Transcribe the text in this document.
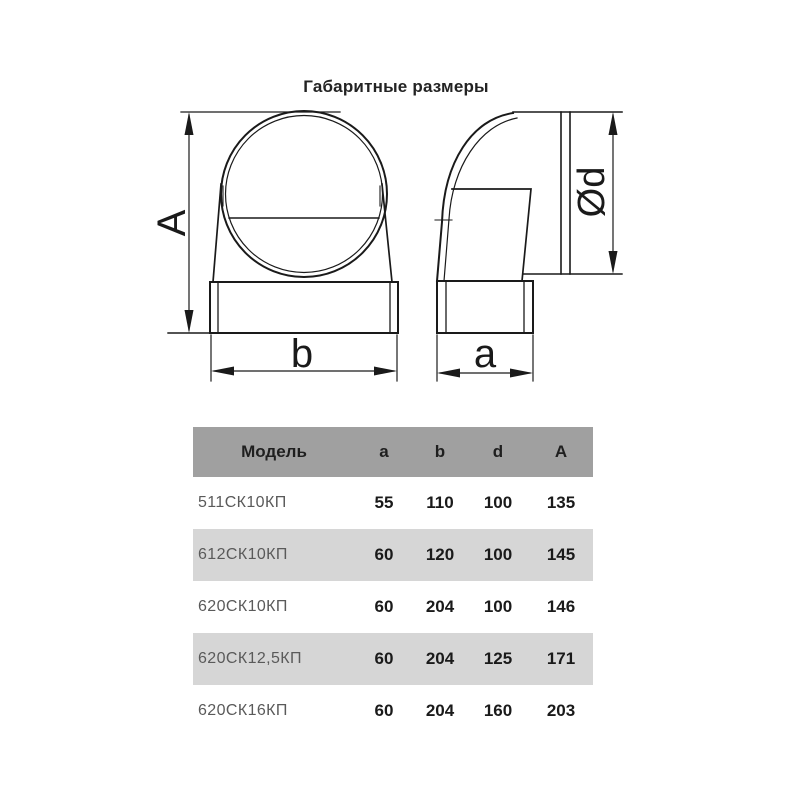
Габаритные размеры
A
b
Ød
a
Модель	a	b	d	A
511СК10КП	55	110	100	135
612СК10КП	60	120	100	145
620СК10КП	60	204	100	146
620СК12,5КП	60	204	125	171
620СК16КП	60	204	160	203
